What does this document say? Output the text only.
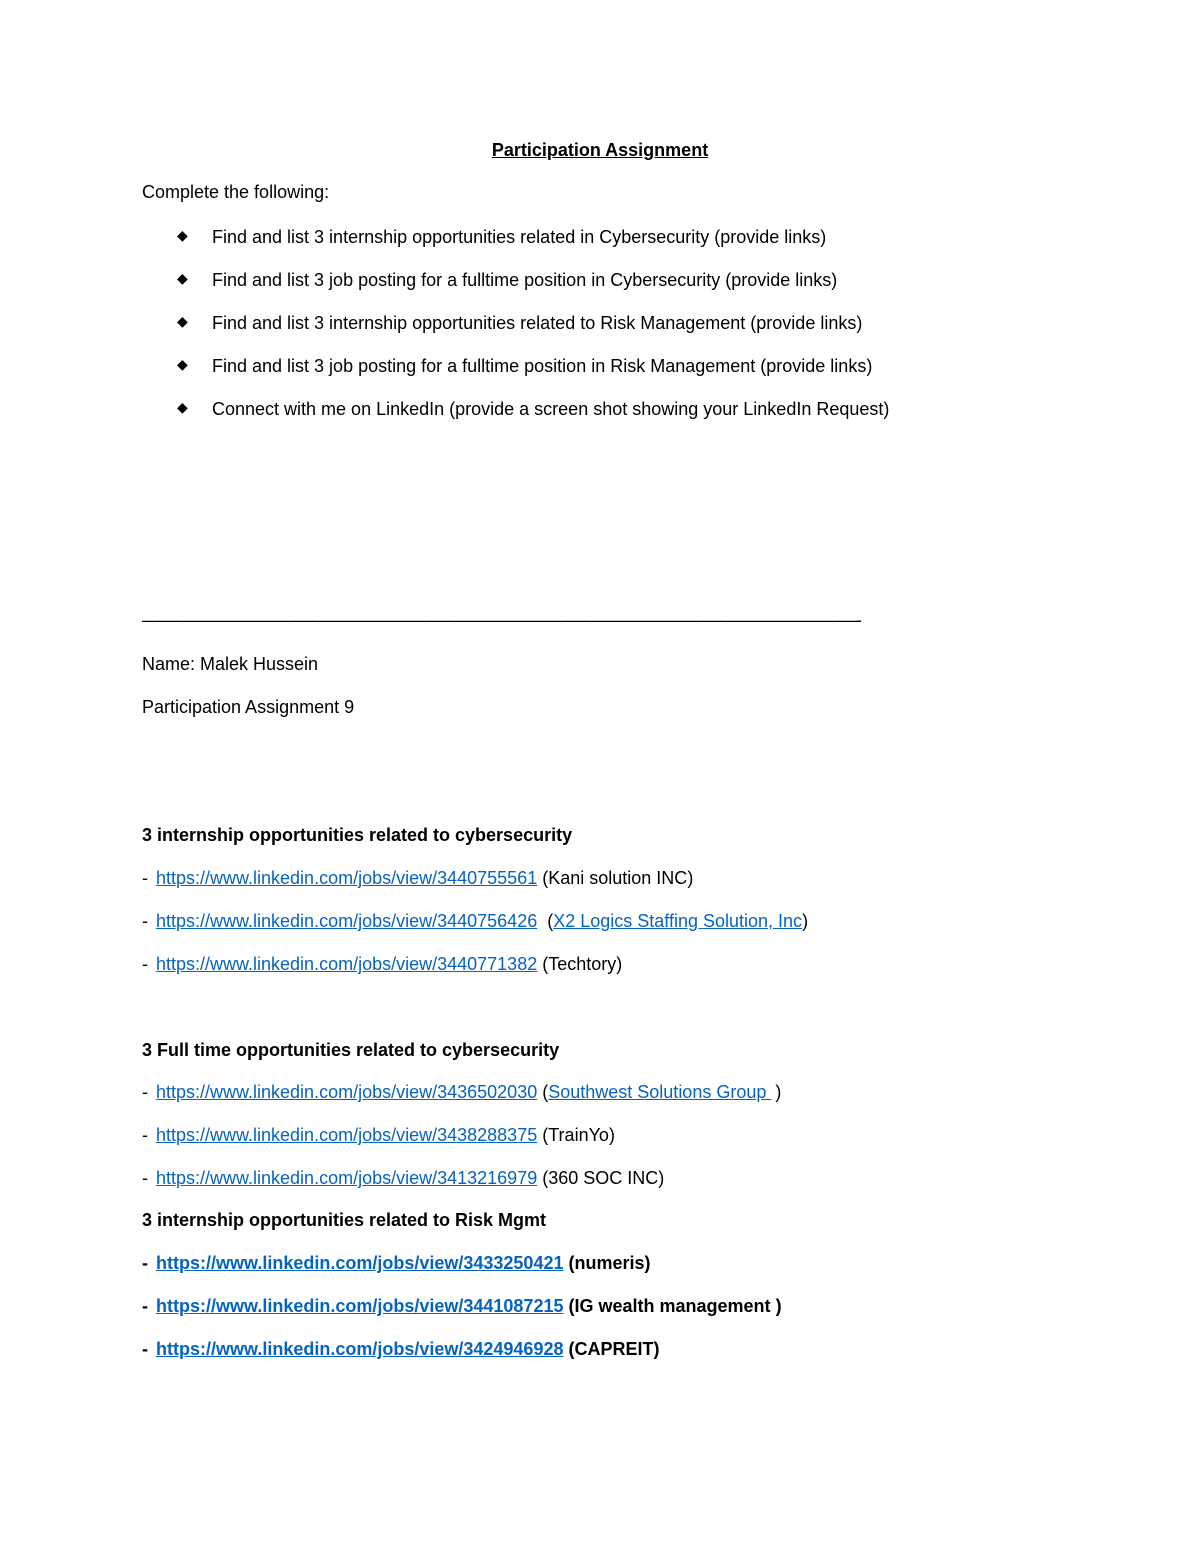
Participation Assignment
Complete the following:
◆ Find and list 3 internship opportunities related in Cybersecurity (provide links)
◆ Find and list 3 job posting for a fulltime position in Cybersecurity (provide links)
◆ Find and list 3 internship opportunities related to Risk Management (provide links)
◆ Find and list 3 job posting for a fulltime position in Risk Management (provide links)
◆ Connect with me on LinkedIn (provide a screen shot showing your LinkedIn Request)
——————————————————————————————————————————-
Name: Malek Hussein
Participation Assignment 9
3 internship opportunities related to cybersecurity
- https://www.linkedin.com/jobs/view/3440755561 (Kani solution INC)
- https://www.linkedin.com/jobs/view/3440756426  (X2 Logics Staffing Solution, Inc)
- https://www.linkedin.com/jobs/view/3440771382 (Techtory)
3 Full time opportunities related to cybersecurity
- https://www.linkedin.com/jobs/view/3436502030 (Southwest Solutions Group )
- https://www.linkedin.com/jobs/view/3438288375 (TrainYo)
- https://www.linkedin.com/jobs/view/3413216979 (360 SOC INC)
3 internship opportunities related to Risk Mgmt
- https://www.linkedin.com/jobs/view/3433250421 (numeris)
- https://www.linkedin.com/jobs/view/3441087215 (IG wealth management )
- https://www.linkedin.com/jobs/view/3424946928 (CAPREIT)
